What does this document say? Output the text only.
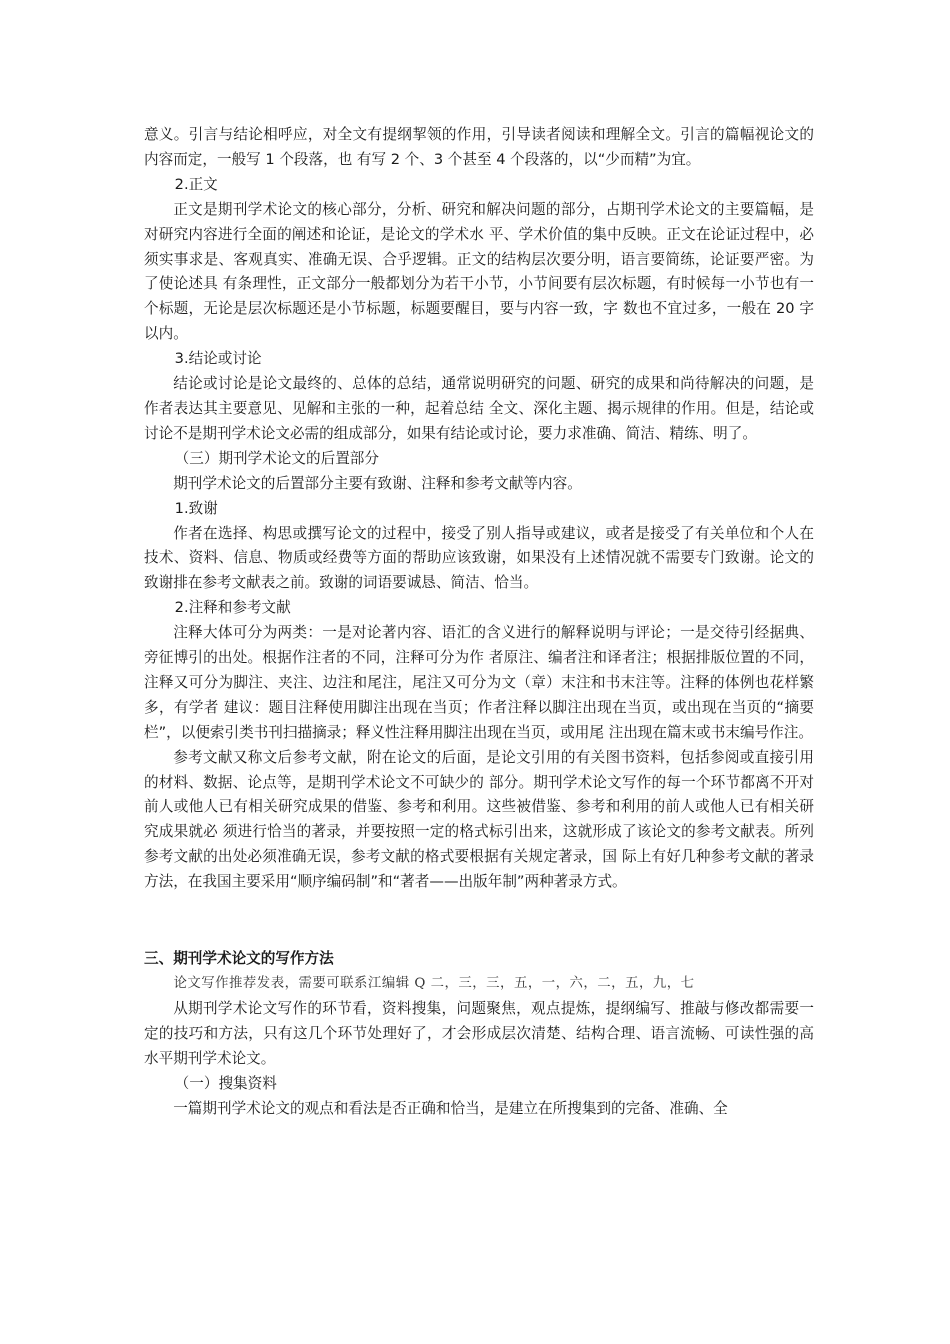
意义。引言与结论相呼应，对全文有提纲挈领的作用，引导读者阅读和理解全文。引言的篇幅视论文的内容而定，一般写 1 个段落，也 有写 2 个、3 个甚至 4 个段落的，以“少而精”为宜。

2.正文

正文是期刊学术论文的核心部分，分析、研究和解决问题的部分，占期刊学术论文的主要篇幅，是对研究内容进行全面的阐述和论证，是论文的学术水 平、学术价值的集中反映。正文在论证过程中，必须实事求是、客观真实、准确无误、合乎逻辑。正文的结构层次要分明，语言要简练，论证要严密。为了使论述具 有条理性，正文部分一般都划分为若干小节，小节间要有层次标题，有时候每一小节也有一个标题，无论是层次标题还是小节标题，标题要醒目，要与内容一致，字 数也不宜过多，一般在 20 字以内。

3.结论或讨论

结论或讨论是论文最终的、总体的总结，通常说明研究的问题、研究的成果和尚待解决的问题，是作者表达其主要意见、见解和主张的一种，起着总结 全文、深化主题、揭示规律的作用。但是，结论或讨论不是期刊学术论文必需的组成部分，如果有结论或讨论，要力求准确、简洁、精练、明了。

（三）期刊学术论文的后置部分

期刊学术论文的后置部分主要有致谢、注释和参考文献等内容。

1.致谢

作者在选择、构思或撰写论文的过程中，接受了别人指导或建议，或者是接受了有关单位和个人在技术、资料、信息、物质或经费等方面的帮助应该致谢，如果没有上述情况就不需要专门致谢。论文的致谢排在参考文献表之前。致谢的词语要诚恳、简洁、恰当。

2.注释和参考文献

注释大体可分为两类：一是对论著内容、语汇的含义进行的解释说明与评论；一是交待引经据典、旁征博引的出处。根据作注者的不同，注释可分为作 者原注、编者注和译者注；根据排版位置的不同，注释又可分为脚注、夹注、边注和尾注，尾注又可分为文（章）末注和书末注等。注释的体例也花样繁多，有学者 建议：题目注释使用脚注出现在当页；作者注释以脚注出现在当页，或出现在当页的“摘要栏”，以便索引类书刊扫描摘录；释义性注释用脚注出现在当页，或用尾 注出现在篇末或书末编号作注。

参考文献又称文后参考文献，附在论文的后面，是论文引用的有关图书资料，包括参阅或直接引用的材料、数据、论点等，是期刊学术论文不可缺少的 部分。期刊学术论文写作的每一个环节都离不开对前人或他人已有相关研究成果的借鉴、参考和利用。这些被借鉴、参考和利用的前人或他人已有相关研究成果就必 须进行恰当的著录，并要按照一定的格式标引出来，这就形成了该论文的参考文献表。所列参考文献的出处必须准确无误，参考文献的格式要根据有关规定著录，国 际上有好几种参考文献的著录方法，在我国主要采用“顺序编码制”和“著者——出版年制”两种著录方式。

三、期刊学术论文的写作方法

论文写作推荐发表，需要可联系江编辑 Q 二，三，三，五，一，六，二，五，九，七

从期刊学术论文写作的环节看，资料搜集，问题聚焦，观点提炼，提纲编写、推敲与修改都需要一定的技巧和方法，只有这几个环节处理好了，才会形成层次清楚、结构合理、语言流畅、可读性强的高水平期刊学术论文。

（一）搜集资料

一篇期刊学术论文的观点和看法是否正确和恰当，是建立在所搜集到的完备、准确、全
